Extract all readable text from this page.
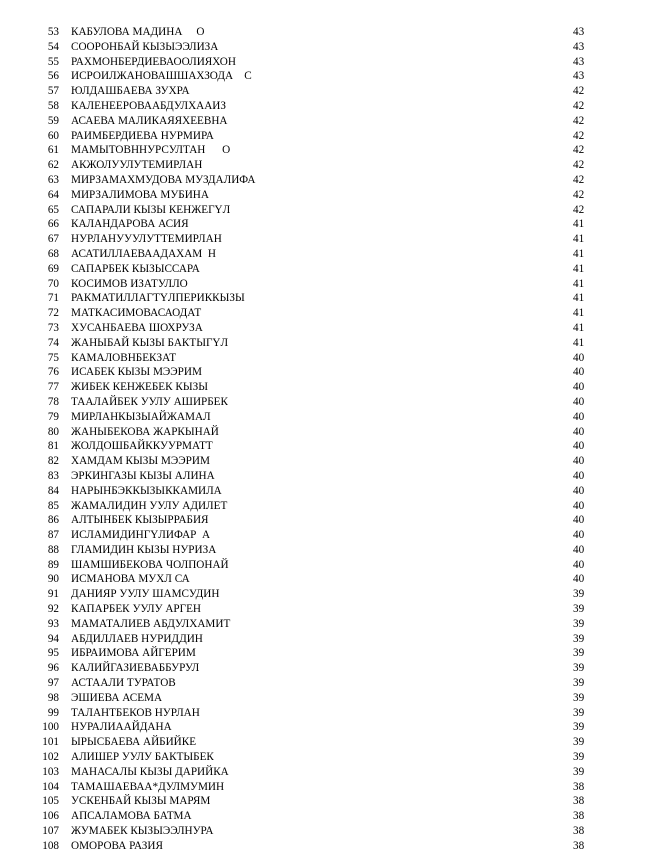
53 КАБУЛОВА МАДИНА     О	43
54 СООРОНБАЙ КЫЗЫЭЭЛИЗА	43
55 РАХМОНБЕРДИЕВАООЛИЯХОН	43
56 ИСРОИЛЖАНОВАШШАХЗОДА    С	43
57 ЮЛДАШБАЕВА ЗУХРА	42
58 КАЛЕНЕЕРОВААБДУЛХААИЗ	42
59 АСАЕВА МАЛИКАЯЯХЕЕВНА	42
60 РАИМБЕРДИЕВА НУРМИРА	42
61 МАМЫТОВННУРСУЛТАН      О	42
62 АКЖОЛУУЛУТЕМИРЛАН	42
63 МИРЗАМАХМУДОВА МУЗДАЛИФА	42
64 МИРЗАЛИМОВА МУБИНА	42
65 САПАРАЛИ КЫЗЫ КЕНЖЕГҮЛ	42
66 КАЛАНДАРОВА АСИЯ	41
67 НУРЛАНУУУЛУТТЕМИРЛАН	41
68 АСАТИЛЛАЕВААДАХАМ  Н	41
69 САПАРБЕК КЫЗЫССАРА	41
70 КОСИМОВ ИЗАТУЛЛО	41
71 РАКМАТИЛЛАГТҮЛПЕРИККЫЗЫ	41
72 МАТКАСИМОВАСАОДАТ	41
73 ХУСАНБАЕВА ШОХРУЗА	41
74 ЖАНЫБАЙ КЫЗЫ БАКТЫГҮЛ	41
75 КАМАЛОВНБЕКЗАТ	40
76 ИСАБЕК КЫЗЫ МЭЭРИМ	40
77 ЖИБЕК КЕНЖЕБЕК КЫЗЫ	40
78 ТААЛАЙБЕК УУЛУ АШИРБЕК	40
79 МИРЛАНКЫЗЫАЙЖАМАЛ	40
80 ЖАНЫБЕКОВА ЖАРКЫНАЙ	40
81 ЖОЛДОШБАЙККУУРМАТТ	40
82 ХАМДАМ КЫЗЫ МЭЭРИМ	40
83 ЭРКИНГАЗЫ КЫЗЫ АЛИНА	40
84 НАРЫНБЭККЫЗЫККАМИЛА	40
85 ЖАМАЛИДИН УУЛУ АДИЛЕТ	40
86 АЛТЫНБЕК КЫЗЫРРАБИЯ	40
87 ИСЛАМИДИНГҮЛИФАР  А	40
88 ГЛАМИДИН КЫЗЫ НУРИЗА	40
89 ШАМШИБЕКОВА ЧОЛПОНАЙ	40
90 ИСМАНОВА МУХЛ СА	40
91 ДАНИЯР УУЛУ ШАМСУДИН	39
92 КАПАРБЕК УУЛУ АРГЕН	39
93 МАМАТАЛИЕВ АБДУЛХАМИТ	39
94 АБДИЛЛАЕВ НУРИДДИН	39
95 ИБРАИМОВА АЙГЕРИМ	39
96 КАЛИЙГАЗИЕВАББУРУЛ	39
97 АСТААЛИ ТУРАТОВ	39
98 ЭШИЕВА АСЕМА	39
99 ТАЛАНТБЕКОВ НУРЛАН	39
100 НУРАЛИААЙДАНА	39
101 ЫРЫСБАЕВА АЙБИЙКЕ	39
102 АЛИШЕР УУЛУ БАКТЫБЕК	39
103 МАНАСАЛЫ КЫЗЫ ДАРИЙКА	39
104 ТАМАШАЕВАА*ДУЛМУМИН	38
105 УСКЕНБАЙ КЫЗЫ МАРЯМ	38
106 АПСАЛАМОВА БАТМА	38
107 ЖУМАБЕК КЫЗЫЭЭЛНУРА	38
108 ОМОРОВА РАЗИЯ	38
